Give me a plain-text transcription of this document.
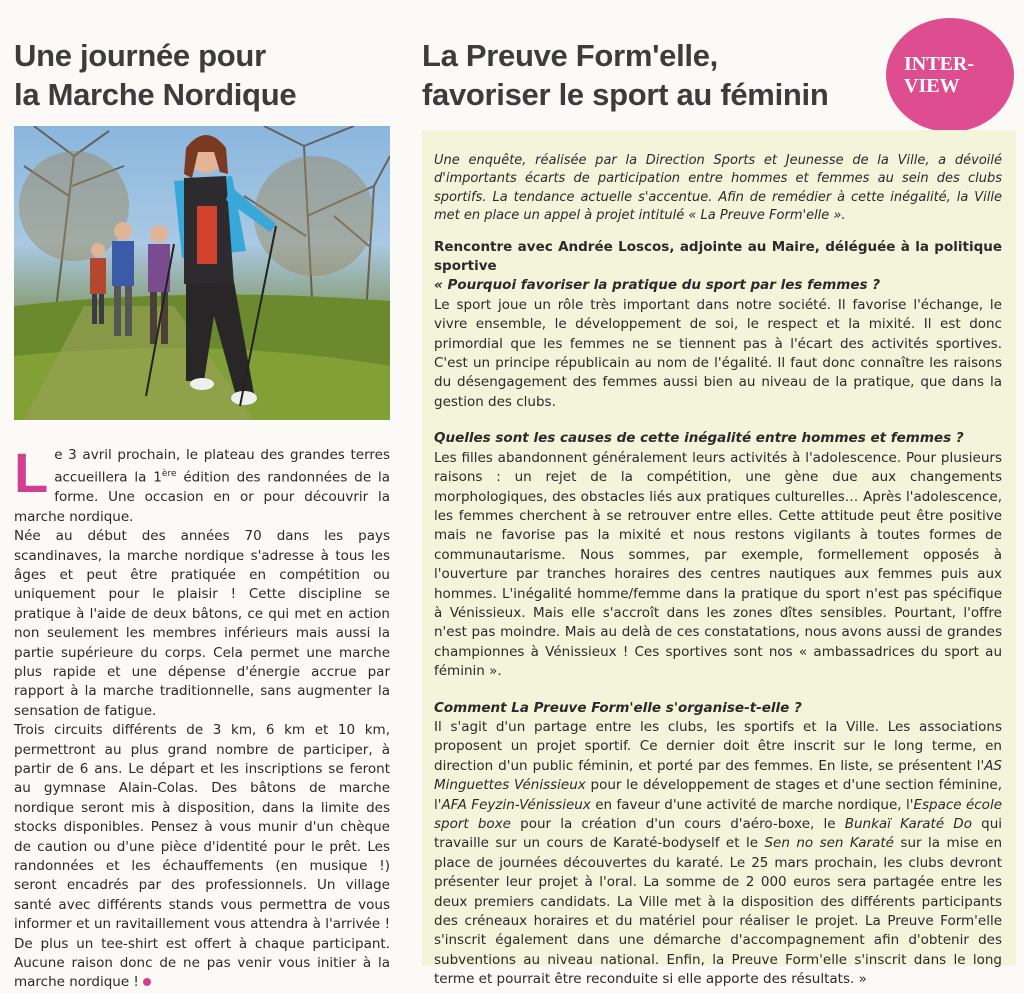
Une journée pour
la Marche Nordique

Le 3 avril prochain, le plateau des grandes terres accueillera la 1ère édition des randonnées de la forme. Une occasion en or pour découvrir la marche nordique.

Née au début des années 70 dans les pays scandinaves, la marche nordique s'adresse à tous les âges et peut être pratiquée en compétition ou uniquement pour le plaisir ! Cette discipline se pratique à l'aide de deux bâtons, ce qui met en action non seulement les membres inférieurs mais aussi la partie supérieure du corps. Cela permet une marche plus rapide et une dépense d'énergie accrue par rapport à la marche traditionnelle, sans augmenter la sensation de fatigue.

Trois circuits différents de 3 km, 6 km et 10 km, permettront au plus grand nombre de participer, à partir de 6 ans. Le départ et les inscriptions se feront au gymnase Alain-Colas. Des bâtons de marche nordique seront mis à disposition, dans la limite des stocks disponibles. Pensez à vous munir d'un chèque de caution ou d'une pièce d'identité pour le prêt. Les randonnées et les échauffements (en musique !) seront encadrés par des professionnels. Un village santé avec différents stands vous permettra de vous informer et un ravitaillement vous attendra à l'arrivée ! De plus un tee-shirt est offert à chaque participant. Aucune raison donc de ne pas venir vous initier à la marche nordique !

La Preuve Form'elle,
favoriser le sport au féminin
INTER-
VIEW

Une enquête, réalisée par la Direction Sports et Jeunesse de la Ville, a dévoilé d'importants écarts de participation entre hommes et femmes au sein des clubs sportifs. La tendance actuelle s'accentue. Afin de remédier à cette inégalité, la Ville met en place un appel à projet intitulé « La Preuve Form'elle ».

Rencontre avec Andrée Loscos, adjointe au Maire, déléguée à la politique sportive

« Pourquoi favoriser la pratique du sport par les femmes ?

Le sport joue un rôle très important dans notre société. Il favorise l'échange, le vivre ensemble, le développement de soi, le respect et la mixité. Il est donc primordial que les femmes ne se tiennent pas à l'écart des activités sportives. C'est un principe républicain au nom de l'égalité. Il faut donc connaître les raisons du désengagement des femmes aussi bien au niveau de la pratique, que dans la gestion des clubs.

Quelles sont les causes de cette inégalité entre hommes et femmes ?

Les filles abandonnent généralement leurs activités à l'adolescence. Pour plusieurs raisons : un rejet de la compétition, une gène due aux changements morphologiques, des obstacles liés aux pratiques culturelles… Après l'adolescence, les femmes cherchent à se retrouver entre elles. Cette attitude peut être positive mais ne favorise pas la mixité et nous restons vigilants à toutes formes de communautarisme. Nous sommes, par exemple, formellement opposés à l'ouverture par tranches horaires des centres nautiques aux femmes puis aux hommes. L'inégalité homme/femme dans la pratique du sport n'est pas spécifique à Vénissieux. Mais elle s'accroît dans les zones dîtes sensibles. Pourtant, l'offre n'est pas moindre. Mais au delà de ces constatations, nous avons aussi de grandes championnes à Vénissieux ! Ces sportives sont nos « ambassadrices du sport au féminin ».

Comment La Preuve Form'elle s'organise-t-elle ?

Il s'agit d'un partage entre les clubs, les sportifs et la Ville. Les associations proposent un projet sportif. Ce dernier doit être inscrit sur le long terme, en direction d'un public féminin, et porté par des femmes. En liste, se présentent l'AS Minguettes Vénissieux pour le développement de stages et d'une section féminine, l'AFA Feyzin-Vénissieux en faveur d'une activité de marche nordique, l'Espace école sport boxe pour la création d'un cours d'aéro-boxe, le Bunkaï Karaté Do qui travaille sur un cours de Karaté-bodyself et le Sen no sen Karaté sur la mise en place de journées découvertes du karaté. Le 25 mars prochain, les clubs devront présenter leur projet à l'oral. La somme de 2 000 euros sera partagée entre les deux premiers candidats. La Ville met à la disposition des différents participants des créneaux horaires et du matériel pour réaliser le projet. La Preuve Form'elle s'inscrit également dans une démarche d'accompagnement afin d'obtenir des subventions au niveau national. Enfin, la Preuve Form'elle s'inscrit dans le long terme et pourrait être reconduite si elle apporte des résultats. »
